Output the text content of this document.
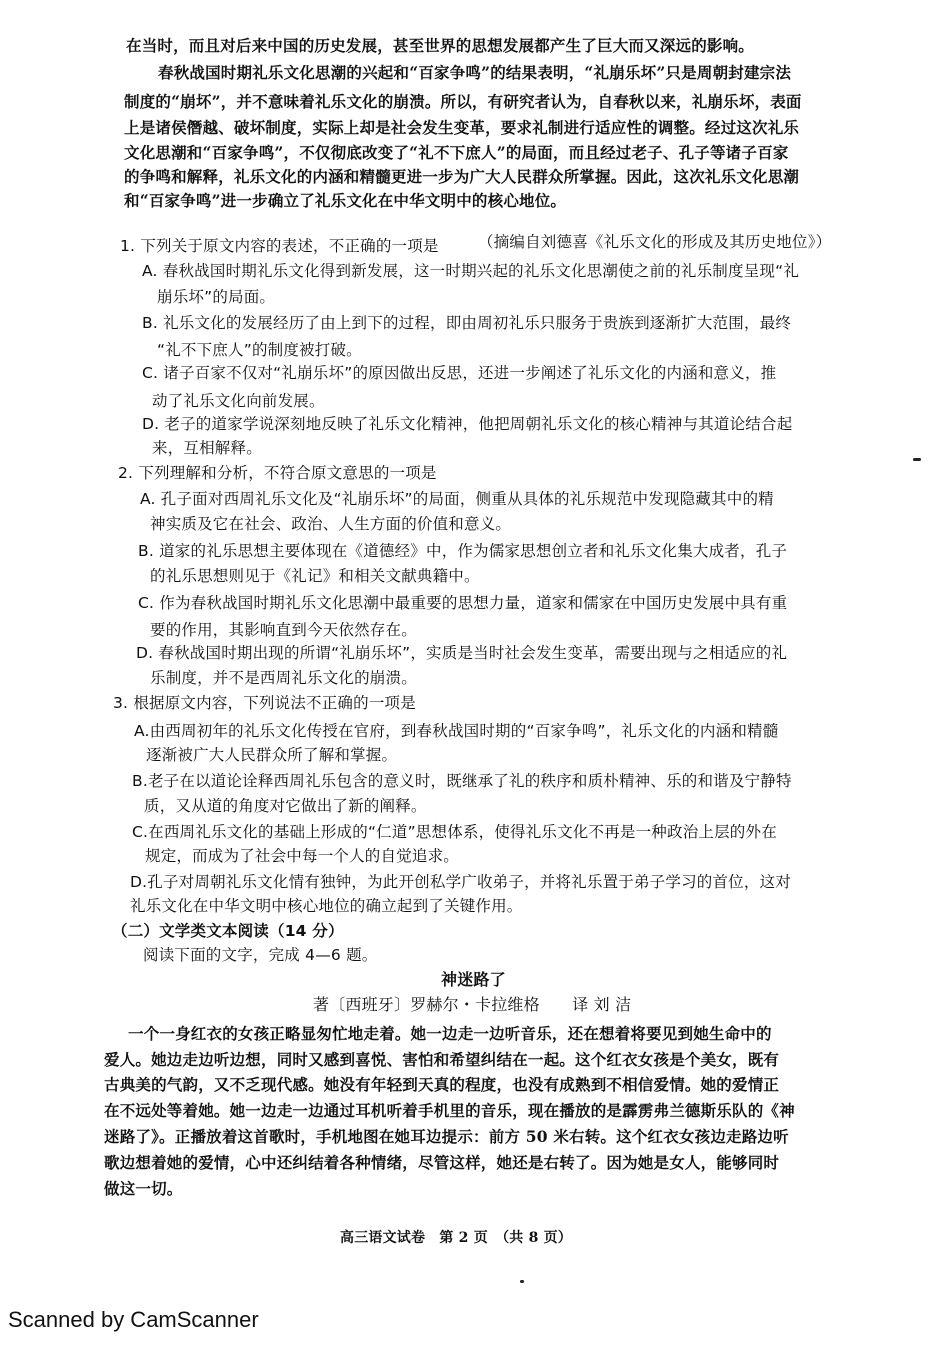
在当时，而且对后来中国的历史发展，甚至世界的思想发展都产生了巨大而又深远的影响。
春秋战国时期礼乐文化思潮的兴起和“百家争鸣”的结果表明，“礼崩乐坏”只是周朝封建宗法
制度的“崩坏”，并不意味着礼乐文化的崩溃。所以，有研究者认为，自春秋以来，礼崩乐坏，表面
上是诸侯僭越、破坏制度，实际上却是社会发生变革，要求礼制进行适应性的调整。经过这次礼乐
文化思潮和“百家争鸣”，不仅彻底改变了“礼不下庶人”的局面，而且经过老子、孔子等诸子百家
的争鸣和解释，礼乐文化的内涵和精髓更进一步为广大人民群众所掌握。因此，这次礼乐文化思潮
和“百家争鸣”进一步确立了礼乐文化在中华文明中的核心地位。
（摘编自刘德喜《礼乐文化的形成及其历史地位》）
1. 下列关于原文内容的表述，不正确的一项是
A. 春秋战国时期礼乐文化得到新发展，这一时期兴起的礼乐文化思潮使之前的礼乐制度呈现“礼
崩乐坏”的局面。
B. 礼乐文化的发展经历了由上到下的过程，即由周初礼乐只服务于贵族到逐渐扩大范围，最终
“礼不下庶人”的制度被打破。
C. 诸子百家不仅对“礼崩乐坏”的原因做出反思，还进一步阐述了礼乐文化的内涵和意义，推
动了礼乐文化向前发展。
D. 老子的道家学说深刻地反映了礼乐文化精神，他把周朝礼乐文化的核心精神与其道论结合起
来，互相解释。
2. 下列理解和分析，不符合原文意思的一项是
A. 孔子面对西周礼乐文化及“礼崩乐坏”的局面，侧重从具体的礼乐规范中发现隐藏其中的精
神实质及它在社会、政治、人生方面的价值和意义。
B. 道家的礼乐思想主要体现在《道德经》中，作为儒家思想创立者和礼乐文化集大成者，孔子
的礼乐思想则见于《礼记》和相关文献典籍中。
C. 作为春秋战国时期礼乐文化思潮中最重要的思想力量，道家和儒家在中国历史发展中具有重
要的作用，其影响直到今天依然存在。
D. 春秋战国时期出现的所谓“礼崩乐坏”，实质是当时社会发生变革，需要出现与之相适应的礼
乐制度，并不是西周礼乐文化的崩溃。
3. 根据原文内容，下列说法不正确的一项是
A.由西周初年的礼乐文化传授在官府，到春秋战国时期的“百家争鸣”，礼乐文化的内涵和精髓
逐渐被广大人民群众所了解和掌握。
B.老子在以道论诠释西周礼乐包含的意义时，既继承了礼的秩序和质朴精神、乐的和谐及宁静特
质，又从道的角度对它做出了新的阐释。
C.在西周礼乐文化的基础上形成的“仁道”思想体系，使得礼乐文化不再是一种政治上层的外在
规定，而成为了社会中每一个人的自觉追求。
D.孔子对周朝礼乐文化情有独钟，为此开创私学广收弟子，并将礼乐置于弟子学习的首位，这对
礼乐文化在中华文明中核心地位的确立起到了关键作用。
（二）文学类文本阅读（14 分）
阅读下面的文字，完成 4—6 题。
神迷路了
著〔西班牙〕罗赫尔・卡拉维格　　译 刘 洁
一个一身红衣的女孩正略显匆忙地走着。她一边走一边听音乐，还在想着将要见到她生命中的
爱人。她边走边听边想，同时又感到喜悦、害怕和希望纠结在一起。这个红衣女孩是个美女，既有
古典美的气韵，又不乏现代感。她没有年轻到天真的程度，也没有成熟到不相信爱情。她的爱情正
在不远处等着她。她一边走一边通过耳机听着手机里的音乐，现在播放的是霹雳弗兰德斯乐队的《神
迷路了》。正播放着这首歌时，手机地图在她耳边提示：前方 50 米右转。这个红衣女孩边走路边听
歌边想着她的爱情，心中还纠结着各种情绪，尽管这样，她还是右转了。因为她是女人，能够同时
做这一切。
高三语文试卷　第 2 页　（共 8 页）
Scanned by CamScanner
